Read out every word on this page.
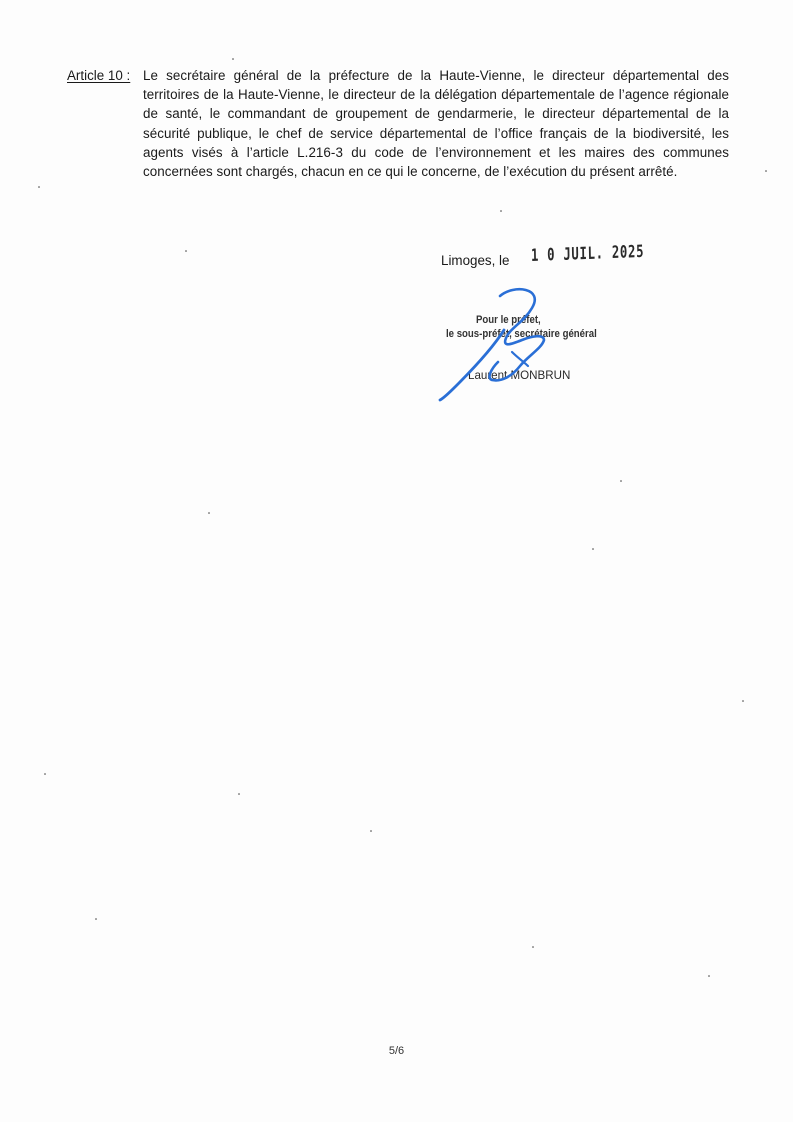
Article 10 : Le secrétaire général de la préfecture de la Haute-Vienne, le directeur départemental des territoires de la Haute-Vienne, le directeur de la délégation départementale de l’agence régionale de santé, le commandant de groupement de gendarmerie, le directeur départemental de la sécurité publique, le chef de service départemental de l’office français de la biodiversité, les agents visés à l’article L.216-3 du code de l’environnement et les maires des communes concernées sont chargés, chacun en ce qui le concerne, de l’exécution du présent arrêté.
Limoges, le 1 0 JUIL. 2025
Pour le préfet,
le sous-préfet, secrétaire général
Laurent MONBRUN
5/6
